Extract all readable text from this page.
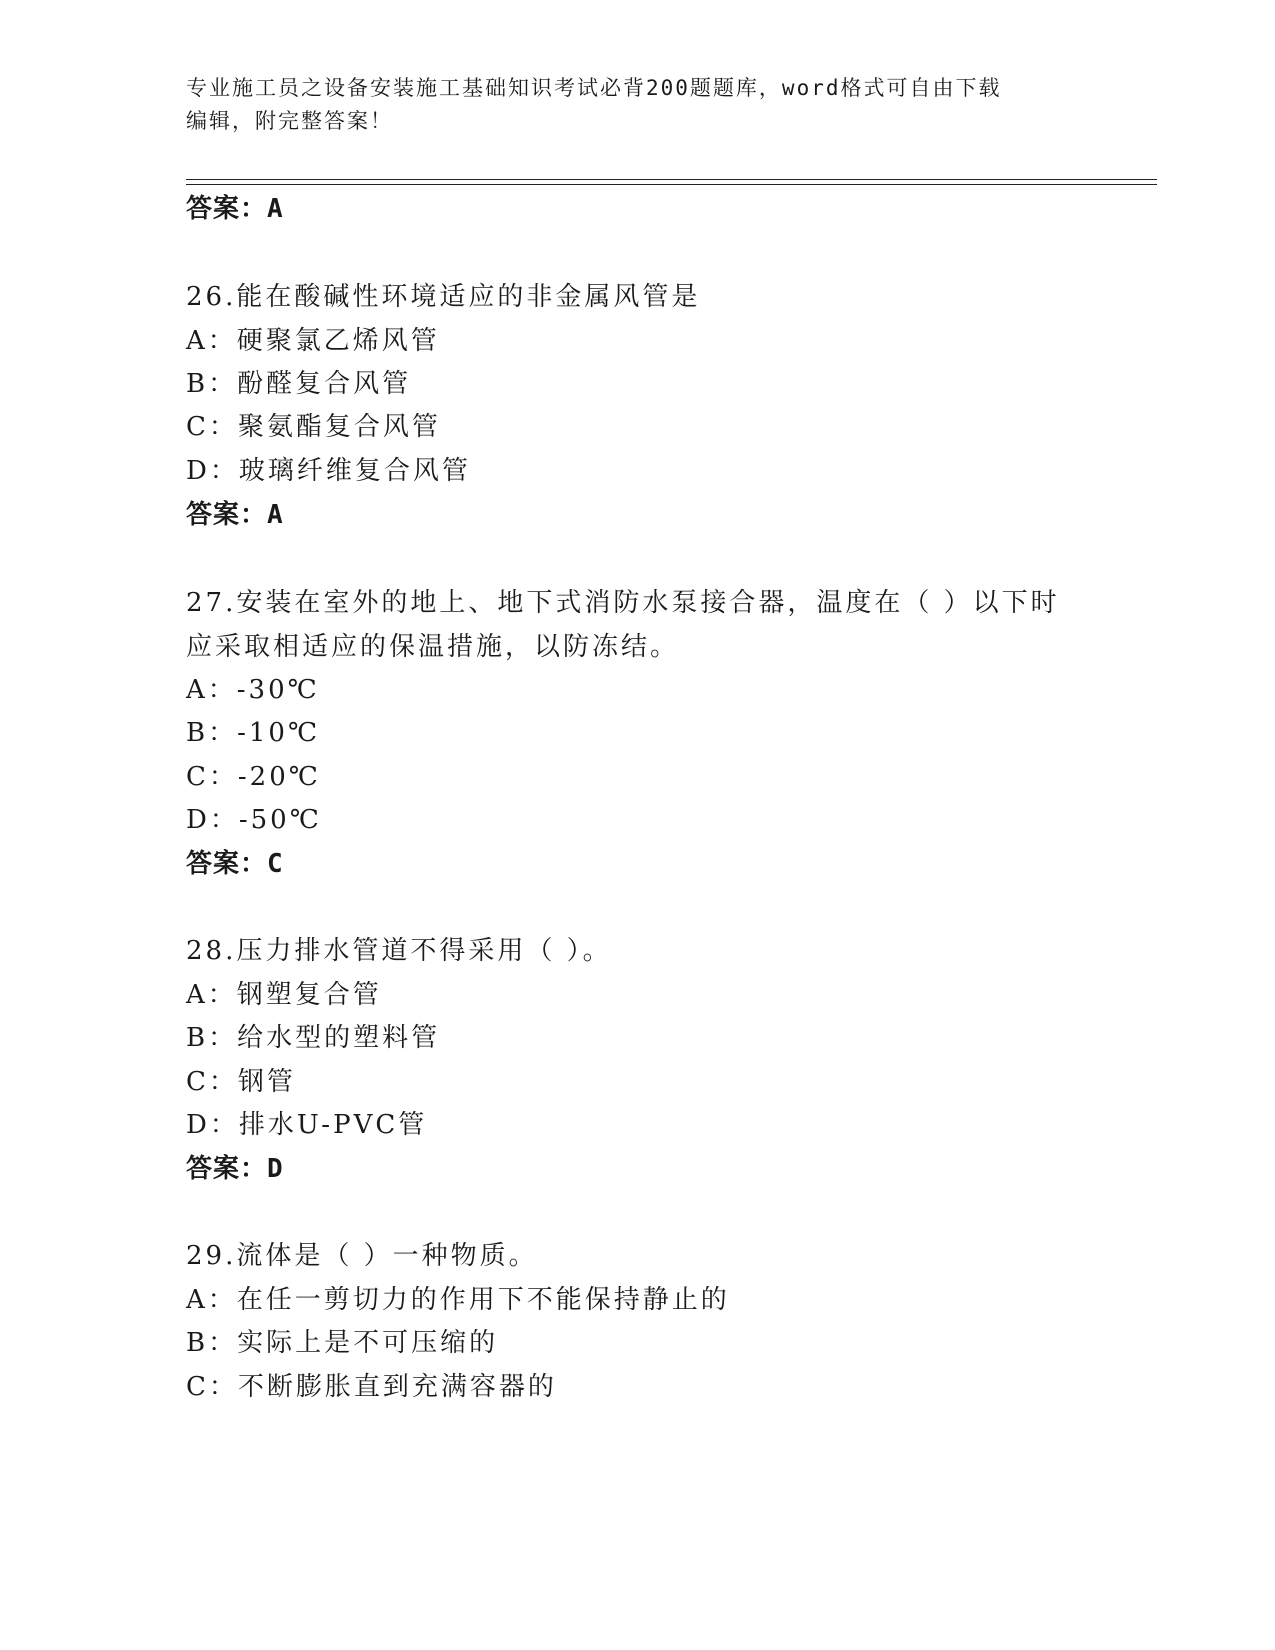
专业施工员之设备安装施工基础知识考试必背200题题库，word格式可自由下载
编辑，附完整答案！
答案：A
26.能在酸碱性环境适应的非金属风管是
A：硬聚氯乙烯风管
B：酚醛复合风管
C：聚氨酯复合风管
D：玻璃纤维复合风管
答案：A
27.安装在室外的地上、地下式消防水泵接合器，温度在（ ）以下时
应采取相适应的保温措施，以防冻结。
A：-30℃
B：-10℃
C：-20℃
D：-50℃
答案：C
28.压力排水管道不得采用（ ）。
A：钢塑复合管
B：给水型的塑料管
C：钢管
D：排水U-PVC管
答案：D
29.流体是（ ）一种物质。
A：在任一剪切力的作用下不能保持静止的
B：实际上是不可压缩的
C：不断膨胀直到充满容器的
